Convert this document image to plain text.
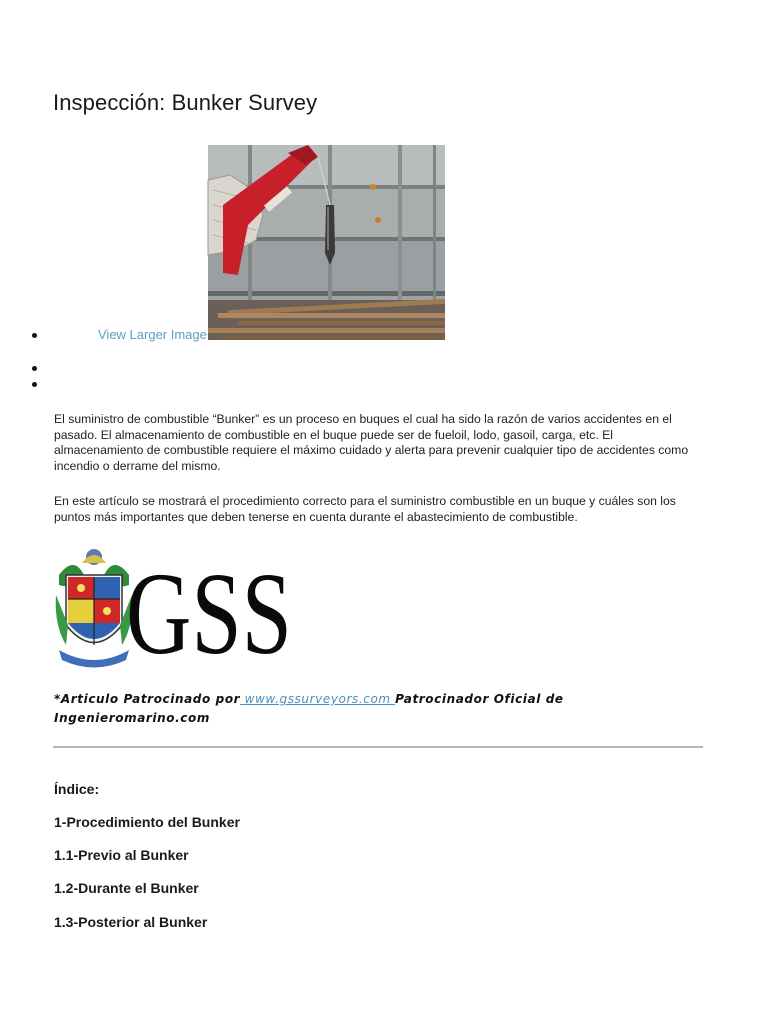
Inspección: Bunker Survey
View Larger Image

El suministro de combustible “Bunker” es un proceso en buques el cual ha sido la razón de varios accidentes en el pasado. El almacenamiento de combustible en el buque puede ser de fueloil, lodo, gasoil, carga, etc. El almacenamiento de combustible requiere el máximo cuidado y alerta para prevenir cualquier tipo de accidentes como incendio o derrame del mismo.

En este artículo se mostrará el procedimiento correcto para el suministro combustible en un buque y cuáles son los puntos más importantes que deben tenerse en cuenta durante el abastecimiento de combustible.

GSS

*Articulo Patrocinado por www.gssurveyors.com Patrocinador Oficial de Ingenieromarino.com

Índice:

1-Procedimiento del Bunker

1.1-Previo al Bunker

1.2-Durante el Bunker

1.3-Posterior al Bunker
